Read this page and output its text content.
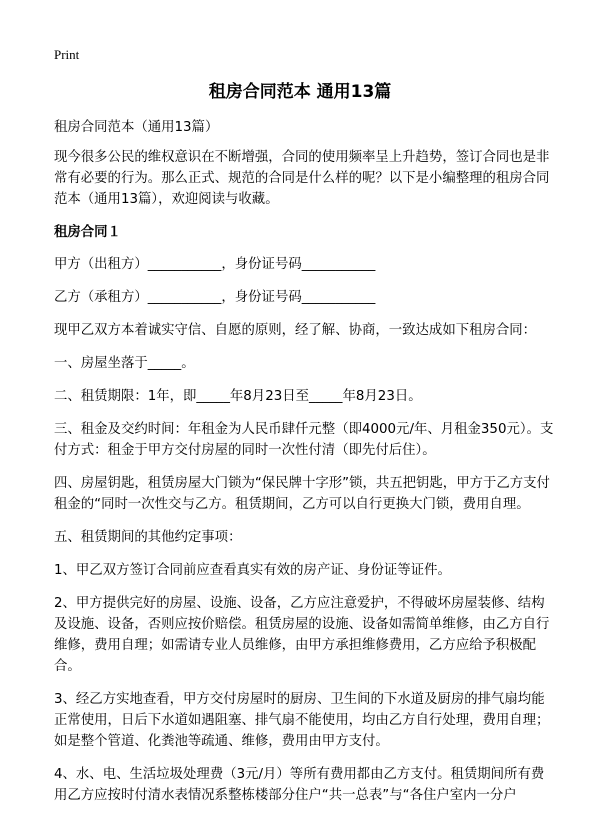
Print
租房合同范本 通用13篇

租房合同范本（通用13篇）

现今很多公民的维权意识在不断增强，合同的使用频率呈上升趋势，签订合同也是非常有必要的行为。那么正式、规范的合同是什么样的呢？以下是小编整理的租房合同范本（通用13篇），欢迎阅读与收藏。

租房合同１

甲方（出租方）___________，身份证号码___________

乙方（承租方）___________，身份证号码___________

现甲乙双方本着诚实守信、自愿的原则，经了解、协商，一致达成如下租房合同：

一、房屋坐落于_____。

二、租赁期限：1年，即_____年8月23日至_____年8月23日。

三、租金及交约时间：年租金为人民币肆仟元整（即4000元/年、月租金350元）。支付方式：租金于甲方交付房屋的同时一次性付清（即先付后住）。

四、房屋钥匙，租赁房屋大门锁为“保民牌十字形”锁，共五把钥匙，甲方于乙方支付租金的“同时一次性交与乙方。租赁期间，乙方可以自行更换大门锁，费用自理。

五、租赁期间的其他约定事项：

1、甲乙双方签订合同前应查看真实有效的房产证、身份证等证件。

2、甲方提供完好的房屋、设施、设备，乙方应注意爱护，不得破坏房屋装修、结构及设施、设备，否则应按价赔偿。租赁房屋的设施、设备如需简单维修，由乙方自行维修，费用自理；如需请专业人员维修，由甲方承担维修费用，乙方应给予积极配合。

3、经乙方实地查看，甲方交付房屋时的厨房、卫生间的下水道及厨房的排气扇均能正常使用，日后下水道如遇阻塞、排气扇不能使用，均由乙方自行处理，费用自理；如是整个管道、化粪池等疏通、维修，费用由甲方支付。

4、水、电、生活垃圾处理费（3元/月）等所有费用都由乙方支付。租赁期间所有费用乙方应按时付清水表情况系整栋楼部分住户“共一总表”与“各住户室内一分户
